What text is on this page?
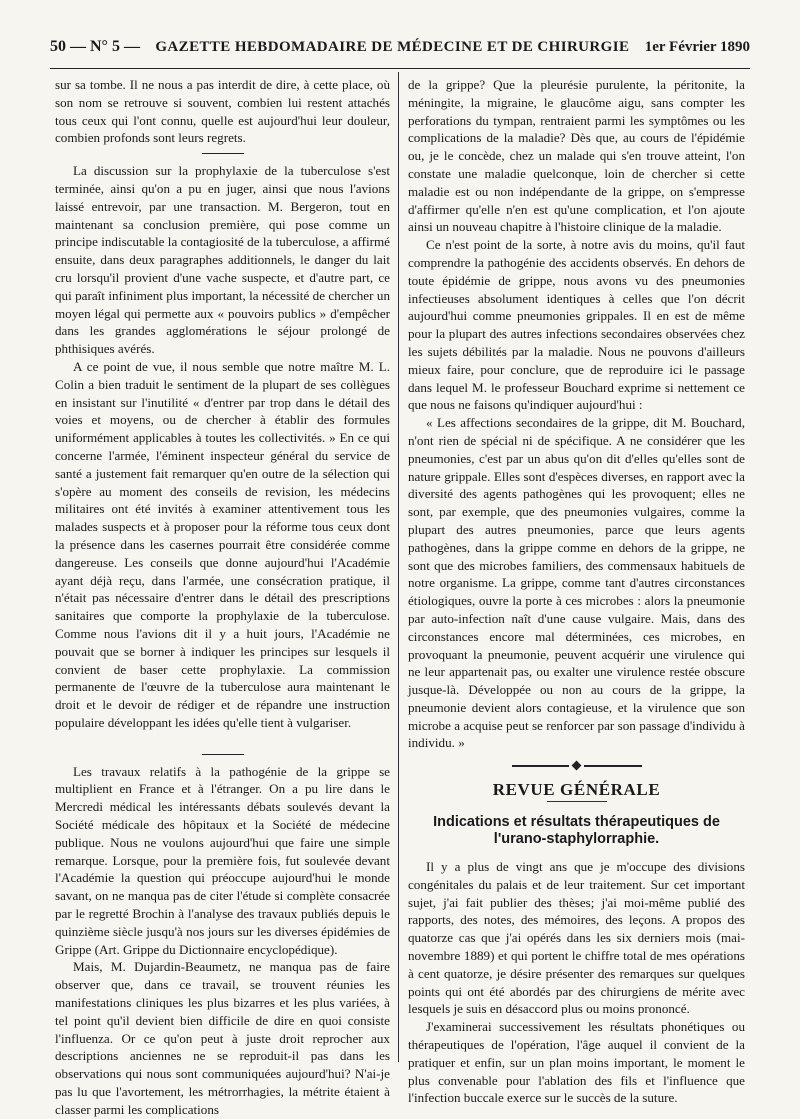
50 — N° 5 — GAZETTE HEBDOMADAIRE DE MÉDECINE ET DE CHIRURGIE 1er Février 1890

sur sa tombe. Il ne nous a pas interdit de dire, à cette place, où son nom se retrouve si souvent, combien lui restent attachés tous ceux qui l'ont connu, quelle est aujourd'hui leur douleur, combien profonds sont leurs regrets.

La discussion sur la prophylaxie de la tuberculose s'est terminée, ainsi qu'on a pu en juger, ainsi que nous l'avions laissé entrevoir, par une transaction. M. Bergeron, tout en maintenant sa conclusion première, qui pose comme un principe indiscutable la contagiosité de la tuberculose, a affirmé ensuite, dans deux paragraphes additionnels, le danger du lait cru lorsqu'il provient d'une vache suspecte, et d'autre part, ce qui paraît infiniment plus important, la nécessité de chercher un moyen légal qui permette aux « pouvoirs publics » d'empêcher dans les grandes agglomérations le séjour prolongé de phthisiques avérés.

A ce point de vue, il nous semble que notre maître M. L. Colin a bien traduit le sentiment de la plupart de ses collègues en insistant sur l'inutilité « d'entrer par trop dans le détail des voies et moyens, ou de chercher à établir des formules uniformément applicables à toutes les collectivités. » En ce qui concerne l'armée, l'éminent inspecteur général du service de santé a justement fait remarquer qu'en outre de la sélection qui s'opère au moment des conseils de revision, les médecins militaires ont été invités à examiner attentivement tous les malades suspects et à proposer pour la réforme tous ceux dont la présence dans les casernes pourrait être considérée comme dangereuse. Les conseils que donne aujourd'hui l'Académie ayant déjà reçu, dans l'armée, une consécration pratique, il n'était pas nécessaire d'entrer dans le détail des prescriptions sanitaires que comporte la prophylaxie de la tuberculose. Comme nous l'avions dit il y a huit jours, l'Académie ne pouvait que se borner à indiquer les principes sur lesquels il convient de baser cette prophylaxie. La commission permanente de l'œuvre de la tuberculose aura maintenant le droit et le devoir de rédiger et de répandre une instruction populaire développant les idées qu'elle tient à vulgariser.

Les travaux relatifs à la pathogénie de la grippe se multiplient en France et à l'étranger. On a pu lire dans le Mercredi médical les intéressants débats soulevés devant la Société médicale des hôpitaux et la Société de médecine publique. Nous ne voulons aujourd'hui que faire une simple remarque. Lorsque, pour la première fois, fut soulevée devant l'Académie la question qui préoccupe aujourd'hui le monde savant, on ne manqua pas de citer l'étude si complète consacrée par le regretté Brochin à l'analyse des travaux publiés depuis le quinzième siècle jusqu'à nos jours sur les diverses épidémies de Grippe (Art. Grippe du Dictionnaire encyclopédique).

Mais, M. Dujardin-Beaumetz, ne manqua pas de faire observer que, dans ce travail, se trouvent réunies les manifestations cliniques les plus bizarres et les plus variées, à tel point qu'il devient bien difficile de dire en quoi consiste l'influenza. Or ce qu'on peut à juste droit reprocher aux descriptions anciennes ne se reproduit-il pas dans les observations qui nous sont communiquées aujourd'hui? N'ai-je pas lu que l'avortement, les métrorrhagies, la métrite étaient à classer parmi les complications

de la grippe? Que la pleurésie purulente, la péritonite, la méningite, la migraine, le glaucôme aigu, sans compter les perforations du tympan, rentraient parmi les symptômes ou les complications de la maladie? Dès que, au cours de l'épidémie ou, je le concède, chez un malade qui s'en trouve atteint, l'on constate une maladie quelconque, loin de chercher si cette maladie est ou non indépendante de la grippe, on s'empresse d'affirmer qu'elle n'en est qu'une complication, et l'on ajoute ainsi un nouveau chapitre à l'histoire clinique de la maladie.

Ce n'est point de la sorte, à notre avis du moins, qu'il faut comprendre la pathogénie des accidents observés. En dehors de toute épidémie de grippe, nous avons vu des pneumonies infectieuses absolument identiques à celles que l'on décrit aujourd'hui comme pneumonies grippales. Il en est de même pour la plupart des autres infections secondaires observées chez les sujets débilités par la maladie. Nous ne pouvons d'ailleurs mieux faire, pour conclure, que de reproduire ici le passage dans lequel M. le professeur Bouchard exprime si nettement ce que nous ne faisons qu'indiquer aujourd'hui :

« Les affections secondaires de la grippe, dit M. Bouchard, n'ont rien de spécial ni de spécifique. A ne considérer que les pneumonies, c'est par un abus qu'on dit d'elles qu'elles sont de nature grippale. Elles sont d'espèces diverses, en rapport avec la diversité des agents pathogènes qui les provoquent; elles ne sont, par exemple, que des pneumonies vulgaires, comme la plupart des autres pneumonies, parce que leurs agents pathogènes, dans la grippe comme en dehors de la grippe, ne sont que des microbes familiers, des commensaux habituels de notre organisme. La grippe, comme tant d'autres circonstances étiologiques, ouvre la porte à ces microbes : alors la pneumonie par auto-infection naît d'une cause vulgaire. Mais, dans des circonstances encore mal déterminées, ces microbes, en provoquant la pneumonie, peuvent acquérir une virulence qui ne leur appartenait pas, ou exalter une virulence restée obscure jusque-là. Développée ou non au cours de la grippe, la pneumonie devient alors contagieuse, et la virulence que son microbe a acquise peut se renforcer par son passage d'individu à individu. »

REVUE GÉNÉRALE
Indications et résultats thérapeutiques de l'urano-staphylorraphie.

Il y a plus de vingt ans que je m'occupe des divisions congénitales du palais et de leur traitement. Sur cet important sujet, j'ai fait publier des thèses; j'ai moi-même publié des rapports, des notes, des mémoires, des leçons. A propos des quatorze cas que j'ai opérés dans les six derniers mois (mai-novembre 1889) et qui portent le chiffre total de mes opérations à cent quatorze, je désire présenter des remarques sur quelques points qui ont été abordés par des chirurgiens de mérite avec lesquels je suis en désaccord plus ou moins prononcé.

J'examinerai successivement les résultats phonétiques ou thérapeutiques de l'opération, l'âge auquel il convient de la pratiquer et enfin, sur un plan moins important, le moment le plus convenable pour l'ablation des fils et l'influence que l'infection buccale exerce sur le succès de la suture.
